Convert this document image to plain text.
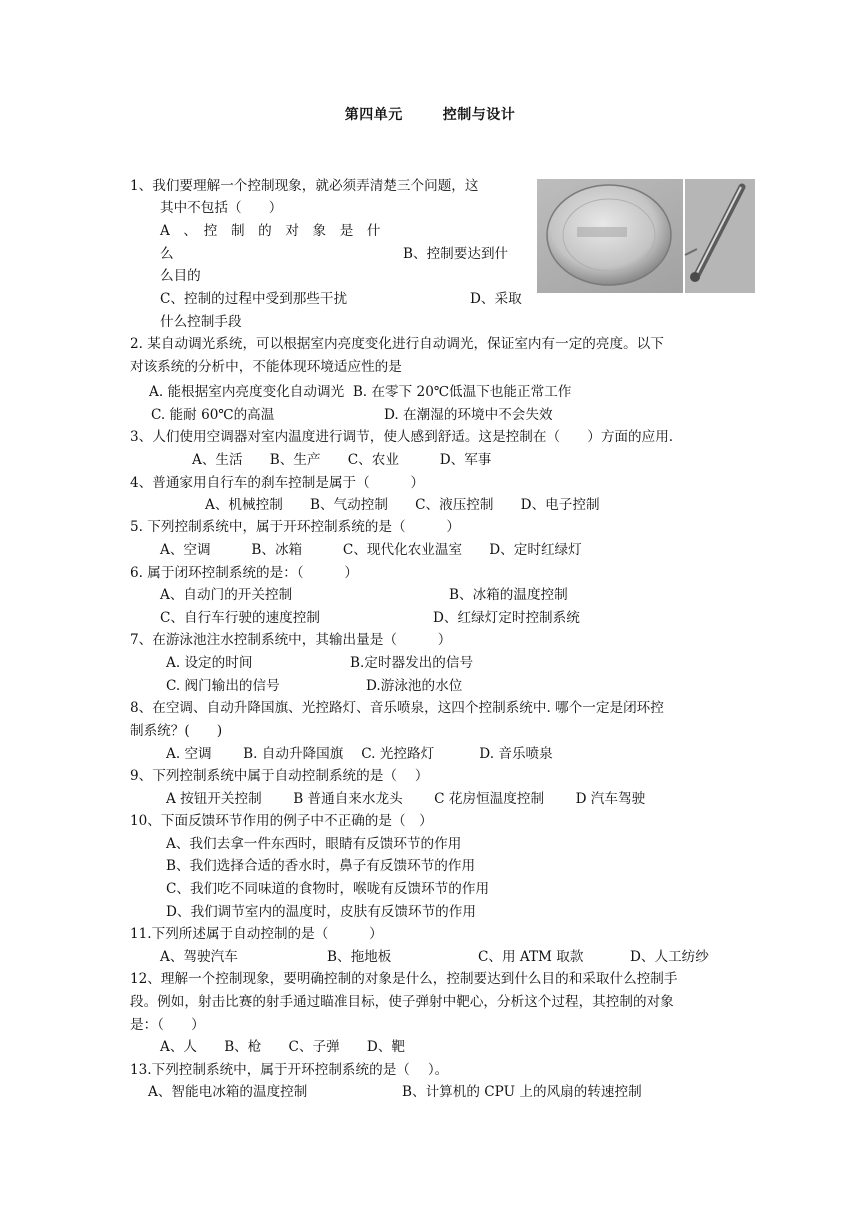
第四单元	控制与设计
1、我们要理解一个控制现象，就必须弄清楚三个问题，这
其中不包括（　　）
A　、　控　制　的　对　象　是　什
么	B、控制要达到什
么目的
C、控制的过程中受到那些干扰	D、采取
什么控制手段
2. 某自动调光系统，可以根据室内亮度变化进行自动调光，保证室内有一定的亮度。以下
对该系统的分析中，不能体现环境适应性的是
A. 能根据室内亮度变化自动调光  B. 在零下 20℃低温下也能正常工作
C. 能耐 60℃的高温	D. 在潮湿的环境中不会失效
3、人们使用空调器对室内温度进行调节，使人感到舒适。这是控制在（　　）方面的应用.
A、生活　　B、生产　　C、农业　　　D、军事
4、普通家用自行车的刹车控制是属于（　　　）
A、机械控制　　B、气动控制　　C、液压控制　　D、电子控制
5. 下列控制系统中，属于开环控制系统的是（　　　）
A、空调　　　B、冰箱　　　C、现代化农业温室　　D、定时红绿灯
6. 属于闭环控制系统的是：（　　　）
A、自动门的开关控制	B、冰箱的温度控制
C、自行车行驶的速度控制	D、红绿灯定时控制系统
7、在游泳池注水控制系统中，其输出量是（　　　）
A. 设定的时间	B.定时器发出的信号
C. 阀门输出的信号	D.游泳池的水位
8、在空调、自动升降国旗、光控路灯、音乐喷泉，这四个控制系统中. 哪个一定是闭环控
制系统？(　　)
A. 空调　　 B. 自动升降国旗　 C. 光控路灯　　　 D. 音乐喷泉
9、下列控制系统中属于自动控制系统的是（　 ）
A 按钮开关控制　　 B 普通自来水龙头　　 C 花房恒温度控制　　 D 汽车驾驶
10、下面反馈环节作用的例子中不正确的是（　）
A、我们去拿一件东西时，眼睛有反馈环节的作用
B、我们选择合适的香水时，鼻子有反馈环节的作用
C、我们吃不同味道的食物时，喉咙有反馈环节的作用
D、我们调节室内的温度时，皮肤有反馈环节的作用
11.下列所述属于自动控制的是（　　　）
A、驾驶汽车	B、拖地板	C、用 ATM 取款	D、人工纺纱
12、理解一个控制现象，要明确控制的对象是什么，控制要达到什么目的和采取什么控制手
段。例如，射击比赛的射手通过瞄准目标，使子弹射中靶心，分析这个过程，其控制的对象
是：（　　）
A、人　　B、枪　　C、子弹　　D、靶
13.下列控制系统中，属于开环控制系统的是（　 ）。
A、智能电冰箱的温度控制	B、计算机的 CPU 上的风扇的转速控制
